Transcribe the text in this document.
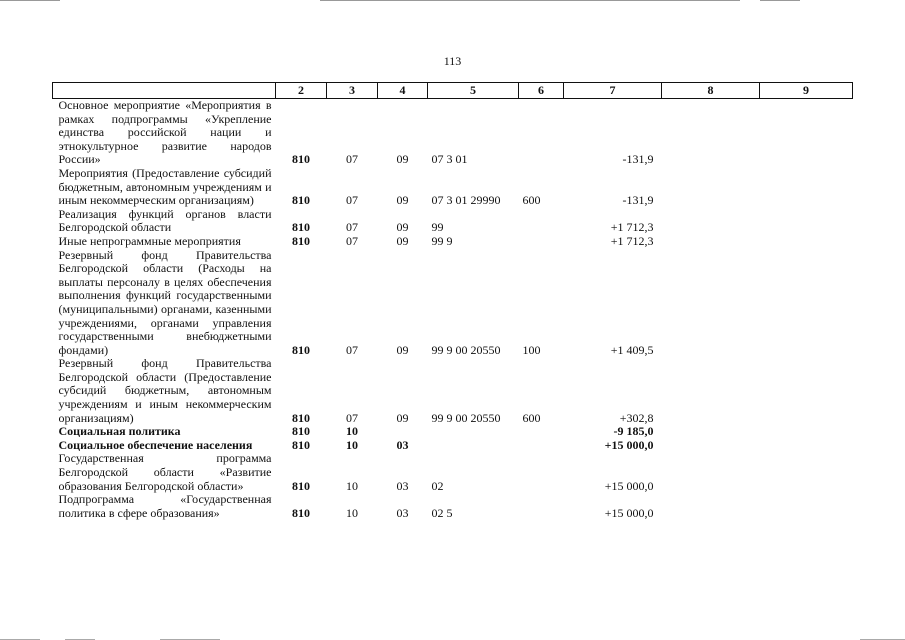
113
	2	3	4	5	6	7	8	9
Основное мероприятие «Мероприятия в рамках подпрограммы «Укрепление единства российской нации и этнокультурное развитие народов России»	810	07	09	07 3 01		-131,9		
Мероприятия (Предоставление субсидий бюджетным, автономным учреждениям и иным некоммерческим организациям)	810	07	09	07 3 01 29990	600	-131,9		
Реализация функций органов власти Белгородской области	810	07	09	99		+1 712,3		
Иные непрограммные мероприятия	810	07	09	99 9		+1 712,3		
Резервный фонд Правительства Белгородской области (Расходы на выплаты персоналу в целях обеспечения выполнения функций государственными (муниципальными) органами, казенными учреждениями, органами управления государственными внебюджетными фондами)	810	07	09	99 9 00 20550	100	+1 409,5		
Резервный фонд Правительства Белгородской области (Предоставление субсидий бюджетным, автономным учреждениям и иным некоммерческим организациям)	810	07	09	99 9 00 20550	600	+302,8		
Социальная политика	810	10				-9 185,0		
Социальное обеспечение населения	810	10	03			+15 000,0		
Государственная программа Белгородской области «Развитие образования Белгородской области»	810	10	03	02		+15 000,0		
Подпрограмма «Государственная политика в сфере образования»	810	10	03	02 5		+15 000,0		
